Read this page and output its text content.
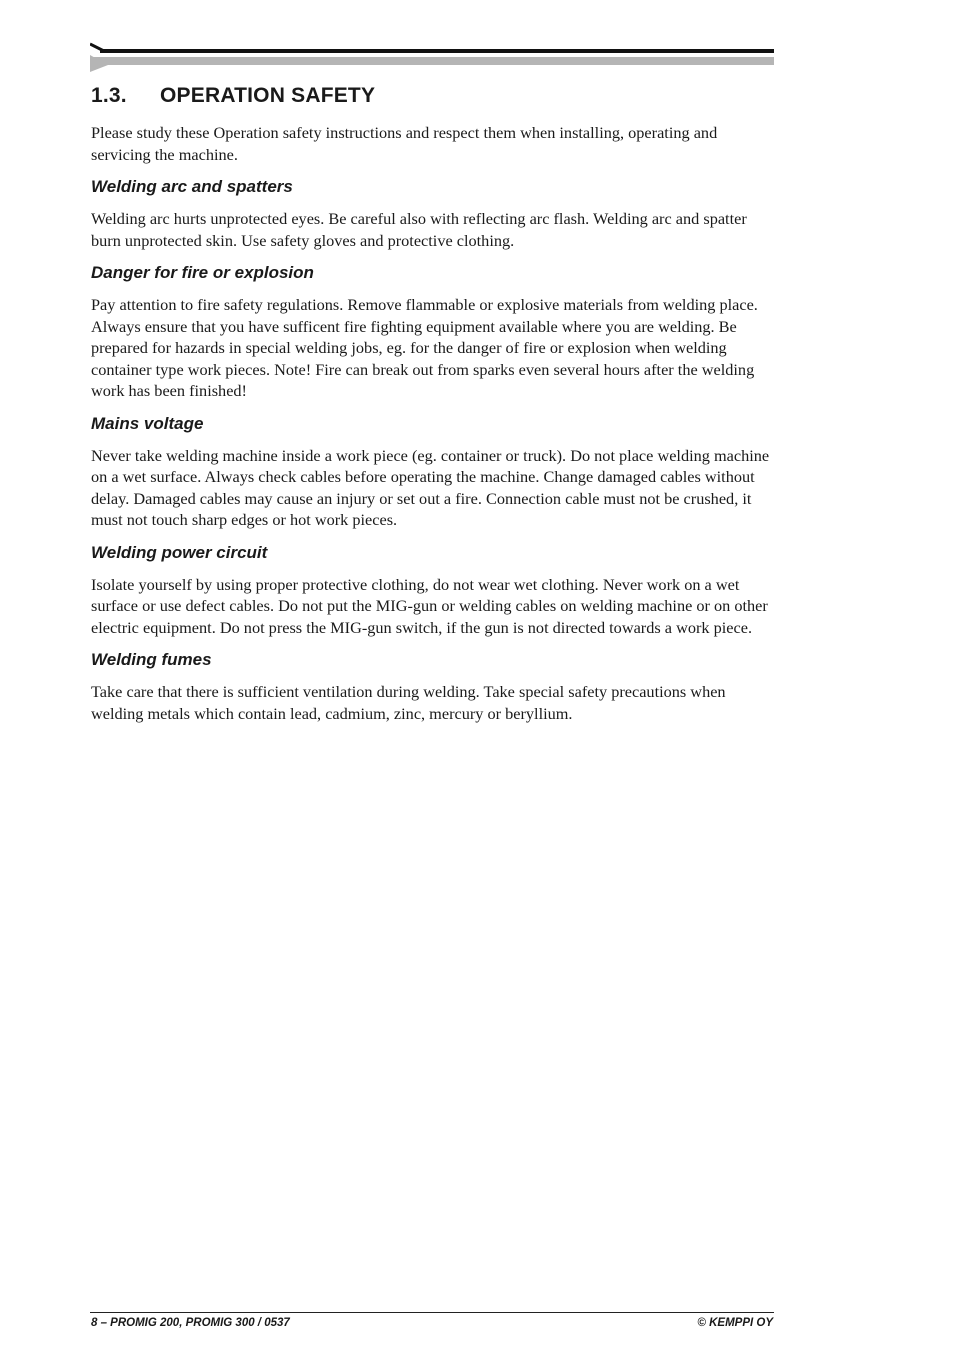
1.3. OPERATION SAFETY

Please study these Operation safety instructions and respect them when installing, operating and servicing the machine.

Welding arc and spatters

Welding arc hurts unprotected eyes. Be careful also with reflecting arc flash. Welding arc and spatter burn unprotected skin. Use safety gloves and protective clothing.

Danger for fire or explosion

Pay attention to fire safety regulations. Remove flammable or explosive materials from welding place. Always ensure that you have sufficent fire fighting equipment available where you are welding. Be prepared for hazards in special welding jobs, eg. for the danger of fire or explosion when welding container type work pieces. Note! Fire can break out from sparks even several hours after the welding work has been finished!

Mains voltage

Never take welding machine inside a work piece (eg. container or truck). Do not place welding machine on a wet surface. Always check cables before operating the machine. Change damaged cables without delay. Damaged cables may cause an injury or set out a fire. Connection cable must not be crushed, it must not touch sharp edges or hot work pieces.

Welding power circuit

Isolate yourself by using proper protective clothing, do not wear wet clothing. Never work on a wet surface or use defect cables. Do not put the MIG-gun or welding cables on welding machine or on other electric equipment. Do not press the MIG-gun switch, if the gun is not directed towards a work piece.

Welding fumes

Take care that there is sufficient ventilation during welding. Take special safety precautions when welding metals which contain lead, cadmium, zinc, mercury or beryllium.

8 – PROMIG 200, PROMIG 300 / 0537	© KEMPPI OY
